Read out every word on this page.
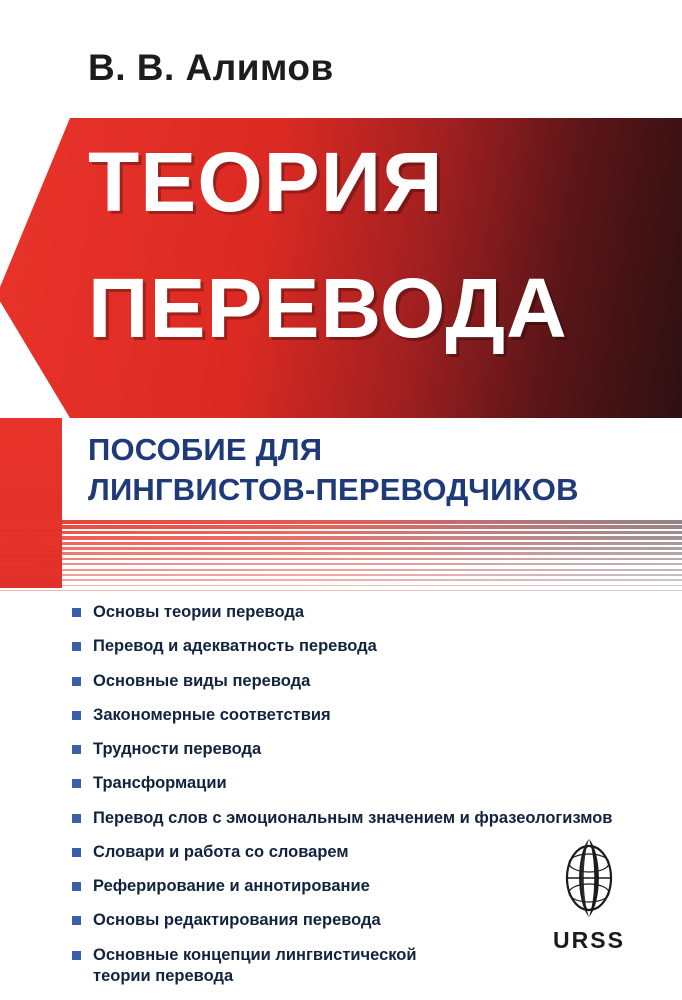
В. В. Алимов
ТЕОРИЯ
ПЕРЕВОДА
ПОСОБИЕ ДЛЯ
ЛИНГВИСТОВ-ПЕРЕВОДЧИКОВ
Основы теории перевода
Перевод и адекватность перевода
Основные виды перевода
Закономерные соответствия
Трудности перевода
Трансформации
Перевод слов с эмоциональным значением и фразеологизмов
Словари и работа со словарем
Реферирование и аннотирование
Основы редактирования перевода
Основные концепции лингвистической теории перевода
URSS
